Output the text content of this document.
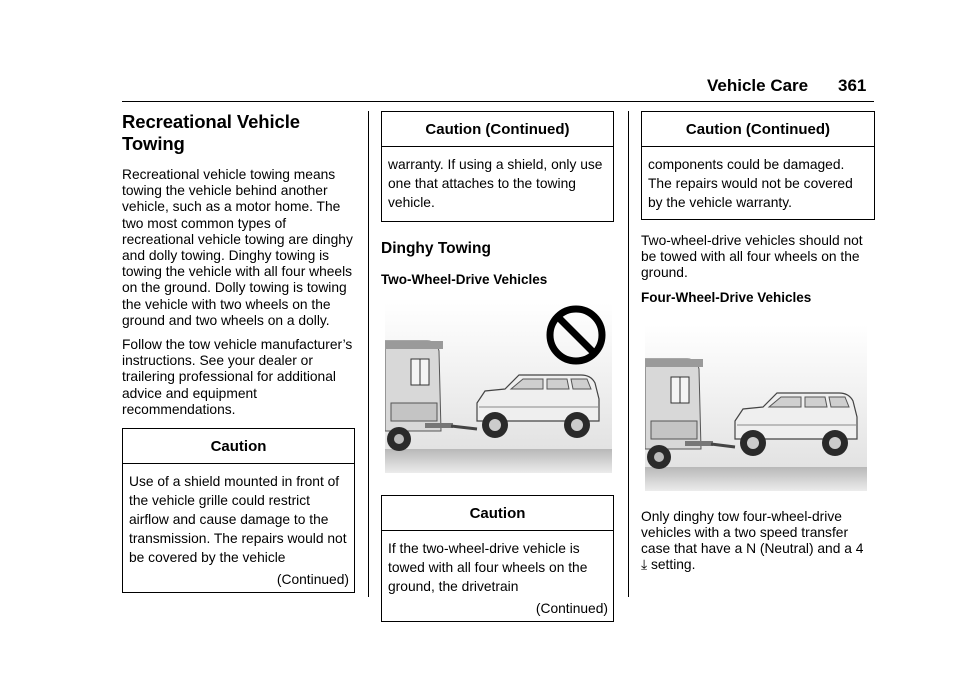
Vehicle Care 361
Recreational Vehicle Towing

Recreational vehicle towing means towing the vehicle behind another vehicle, such as a motor home. The two most common types of recreational vehicle towing are dinghy and dolly towing. Dinghy towing is towing the vehicle with all four wheels on the ground. Dolly towing is towing the vehicle with two wheels on the ground and two wheels on a dolly.

Follow the tow vehicle manufacturer’s instructions. See your dealer or trailering professional for additional advice and equipment recommendations.

Caution
Use of a shield mounted in front of the vehicle grille could restrict airflow and cause damage to the transmission. The repairs would not be covered by the vehicle
(Continued)
Caution (Continued)
warranty. If using a shield, only use one that attaches to the towing vehicle.
Dinghy Towing
Two-Wheel-Drive Vehicles
Caution
If the two-wheel-drive vehicle is towed with all four wheels on the ground, the drivetrain
(Continued)
Caution (Continued)
components could be damaged. The repairs would not be covered by the vehicle warranty.

Two-wheel-drive vehicles should not be towed with all four wheels on the ground.

Four-Wheel-Drive Vehicles

Only dinghy tow four-wheel-drive vehicles with a two speed transfer case that have a N (Neutral) and a 4
⤓ setting.
